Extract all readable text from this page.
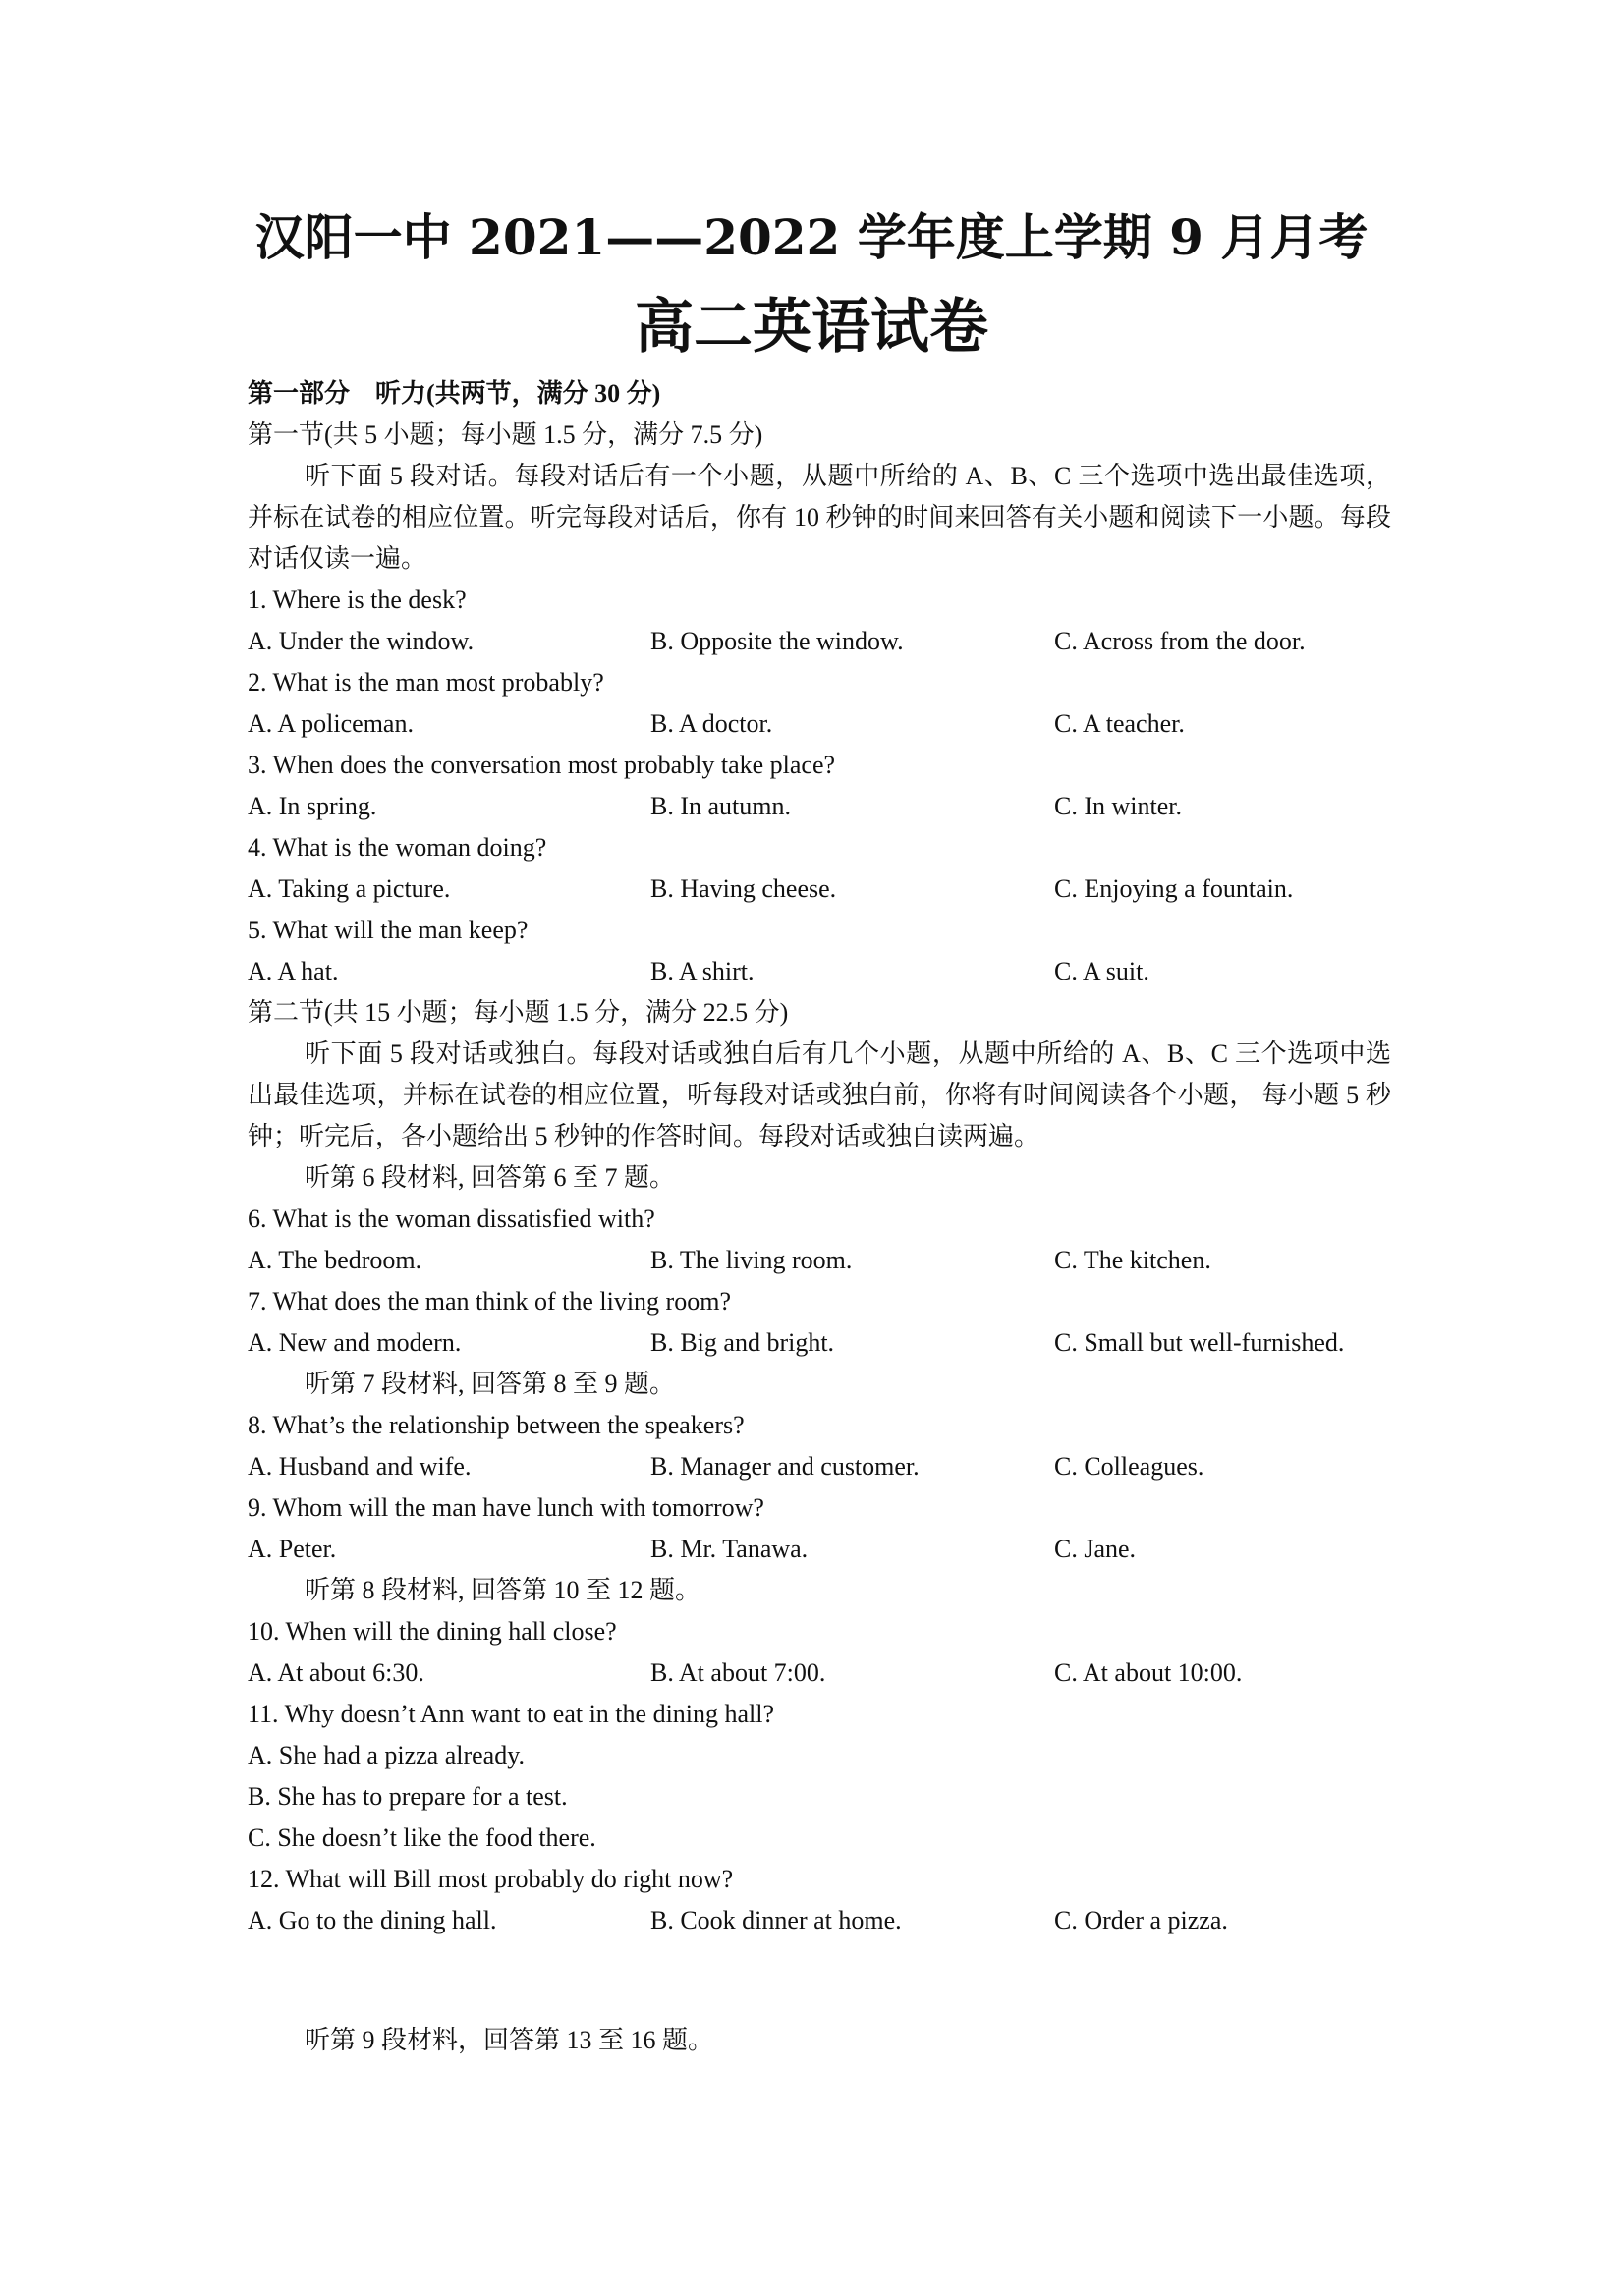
汉阳一中 2021——2022 学年度上学期 9 月月考
高二英语试卷
第一部分　听力(共两节，满分 30 分)
第一节(共 5 小题；每小题 1.5 分，满分 7.5 分)
听下面 5 段对话。每段对话后有一个小题，从题中所给的 A、B、C 三个选项中选出最佳选项，并标在试卷的相应位置。听完每段对话后，你有 10 秒钟的时间来回答有关小题和阅读下一小题。每段对话仅读一遍。
1. Where is the desk?
A. Under the window.	B. Opposite the window.	C. Across from the door.
2. What is the man most probably?
A. A policeman.	B. A doctor.	C. A teacher.
3. When does the conversation most probably take place?
A. In spring.	B. In autumn.	C. In winter.
4. What is the woman doing?
A. Taking a picture.	B. Having cheese.	C. Enjoying a fountain.
5. What will the man keep?
A. A hat.	B. A shirt.	C. A suit.
第二节(共 15 小题；每小题 1.5 分，满分 22.5 分)
听下面 5 段对话或独白。每段对话或独白后有几个小题，从题中所给的 A、B、C 三个选项中选出最佳选项，并标在试卷的相应位置，听每段对话或独白前，你将有时间阅读各个小题， 每小题 5 秒钟；听完后，各小题给出 5 秒钟的作答时间。每段对话或独白读两遍。
听第 6 段材料, 回答第 6 至 7 题。
6. What is the woman dissatisfied with?
A. The bedroom.	B. The living room.	C. The kitchen.
7. What does the man think of the living room?
A. New and modern.	B. Big and bright.	C. Small but well-furnished.
听第 7 段材料, 回答第 8 至 9 题。
8. What’s the relationship between the speakers?
A. Husband and wife.	B. Manager and customer.	C. Colleagues.
9. Whom will the man have lunch with tomorrow?
A. Peter.	B. Mr. Tanawa.	C. Jane.
听第 8 段材料, 回答第 10 至 12 题。
10. When will the dining hall close?
A. At about 6:30.	B. At about 7:00.	C. At about 10:00.
11. Why doesn’t Ann want to eat in the dining hall?
A. She had a pizza already.
B. She has to prepare for a test.
C. She doesn’t like the food there.
12. What will Bill most probably do right now?
A. Go to the dining hall.	B. Cook dinner at home.	C. Order a pizza.
听第 9 段材料，回答第 13 至 16 题。
